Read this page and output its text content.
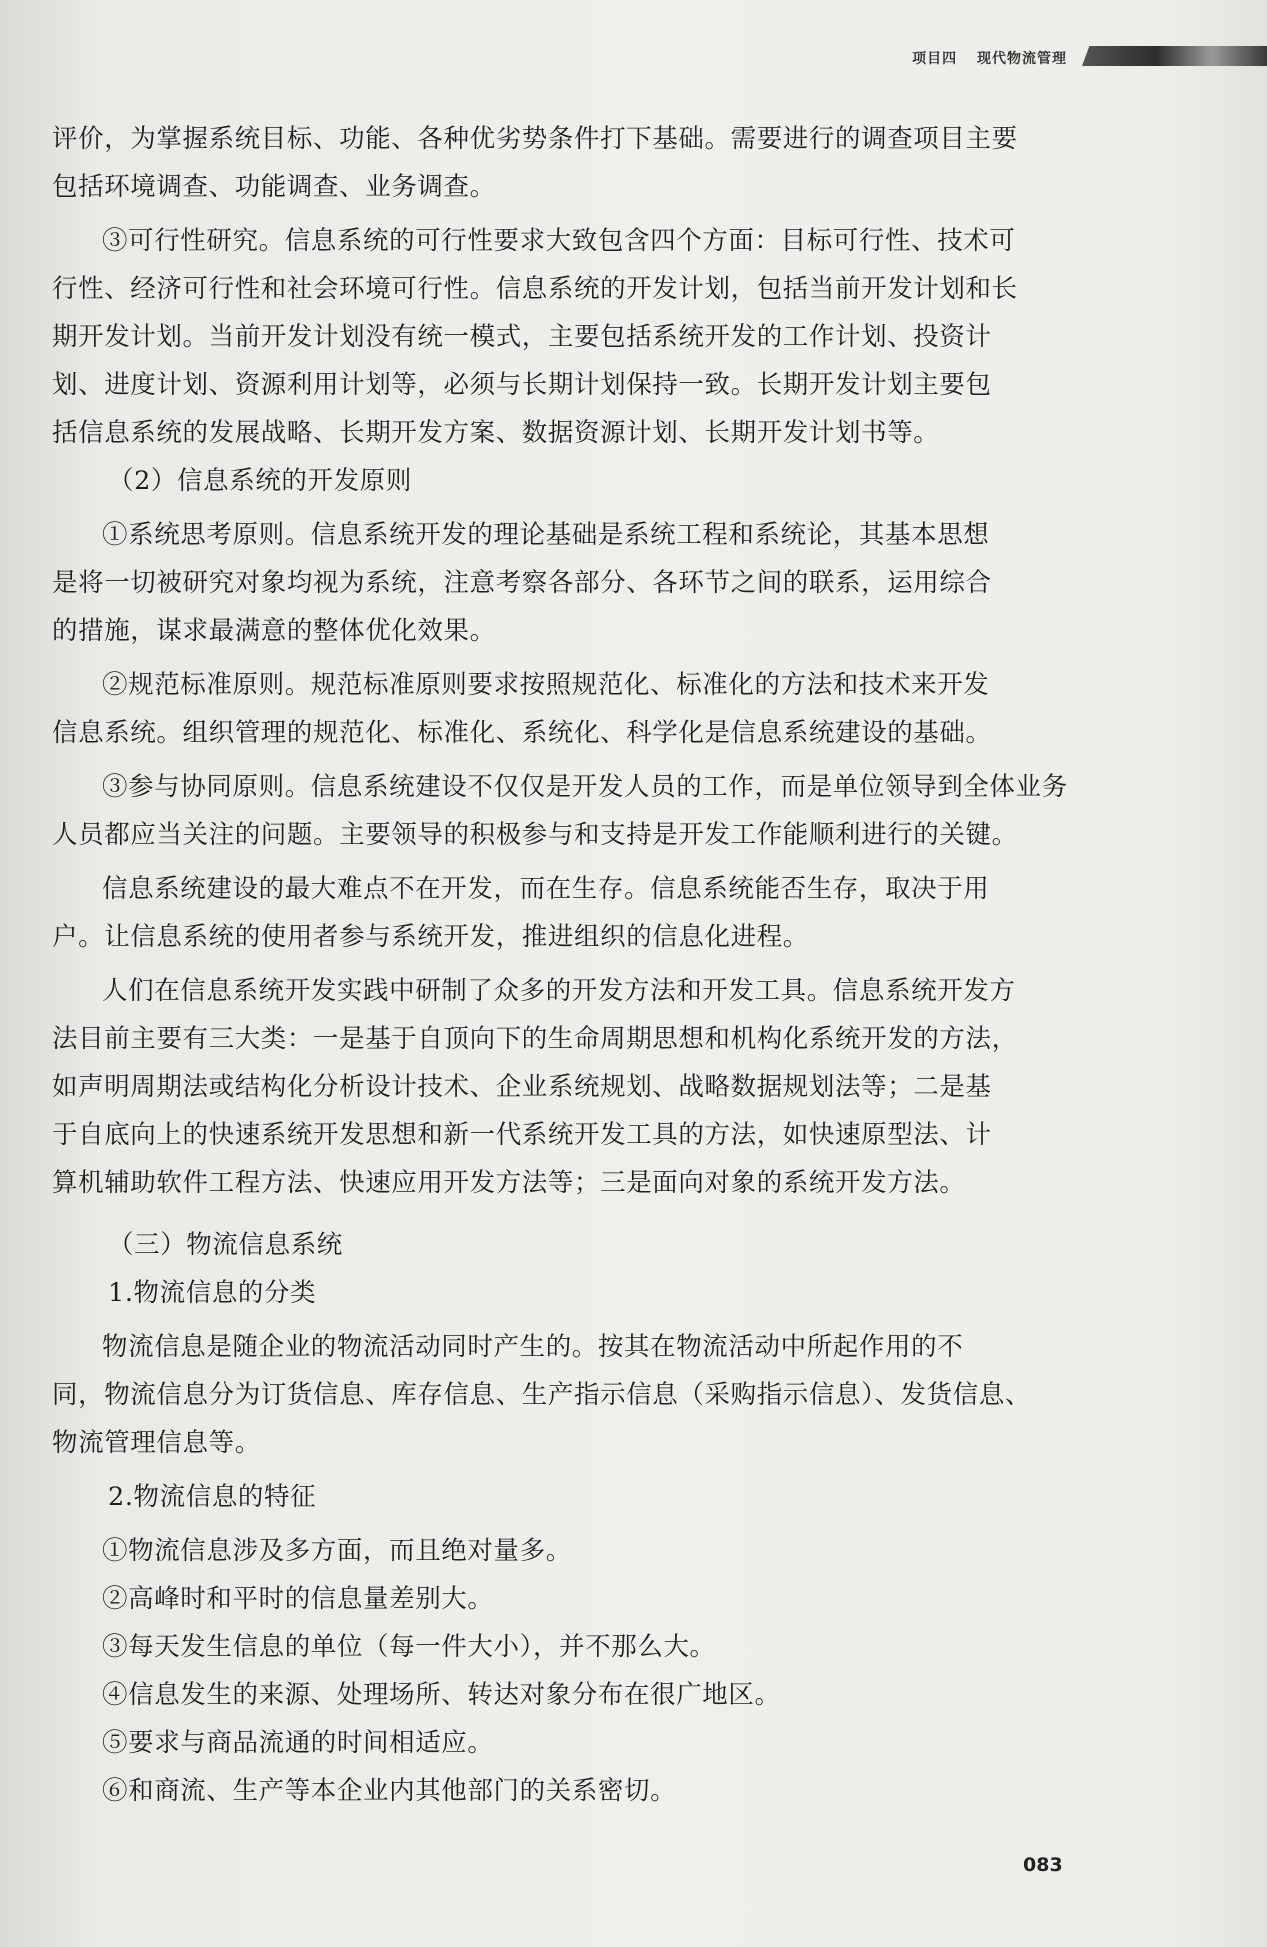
项目四 现代物流管理
评价，为掌握系统目标、功能、各种优劣势条件打下基础。需要进行的调查项目主要
包括环境调查、功能调查、业务调查。
③可行性研究。信息系统的可行性要求大致包含四个方面：目标可行性、技术可
行性、经济可行性和社会环境可行性。信息系统的开发计划，包括当前开发计划和长
期开发计划。当前开发计划没有统一模式，主要包括系统开发的工作计划、投资计
划、进度计划、资源利用计划等，必须与长期计划保持一致。长期开发计划主要包
括信息系统的发展战略、长期开发方案、数据资源计划、长期开发计划书等。
（2）信息系统的开发原则
①系统思考原则。信息系统开发的理论基础是系统工程和系统论，其基本思想
是将一切被研究对象均视为系统，注意考察各部分、各环节之间的联系，运用综合
的措施，谋求最满意的整体优化效果。
②规范标准原则。规范标准原则要求按照规范化、标准化的方法和技术来开发
信息系统。组织管理的规范化、标准化、系统化、科学化是信息系统建设的基础。
③参与协同原则。信息系统建设不仅仅是开发人员的工作，而是单位领导到全体业务
人员都应当关注的问题。主要领导的积极参与和支持是开发工作能顺利进行的关键。
信息系统建设的最大难点不在开发，而在生存。信息系统能否生存，取决于用
户。让信息系统的使用者参与系统开发，推进组织的信息化进程。
人们在信息系统开发实践中研制了众多的开发方法和开发工具。信息系统开发方
法目前主要有三大类：一是基于自顶向下的生命周期思想和机构化系统开发的方法，
如声明周期法或结构化分析设计技术、企业系统规划、战略数据规划法等；二是基
于自底向上的快速系统开发思想和新一代系统开发工具的方法，如快速原型法、计
算机辅助软件工程方法、快速应用开发方法等；三是面向对象的系统开发方法。
（三）物流信息系统
1.物流信息的分类
物流信息是随企业的物流活动同时产生的。按其在物流活动中所起作用的不
同，物流信息分为订货信息、库存信息、生产指示信息（采购指示信息）、发货信息、
物流管理信息等。
2.物流信息的特征
①物流信息涉及多方面，而且绝对量多。
②高峰时和平时的信息量差别大。
③每天发生信息的单位（每一件大小），并不那么大。
④信息发生的来源、处理场所、转达对象分布在很广地区。
⑤要求与商品流通的时间相适应。
⑥和商流、生产等本企业内其他部门的关系密切。
083
